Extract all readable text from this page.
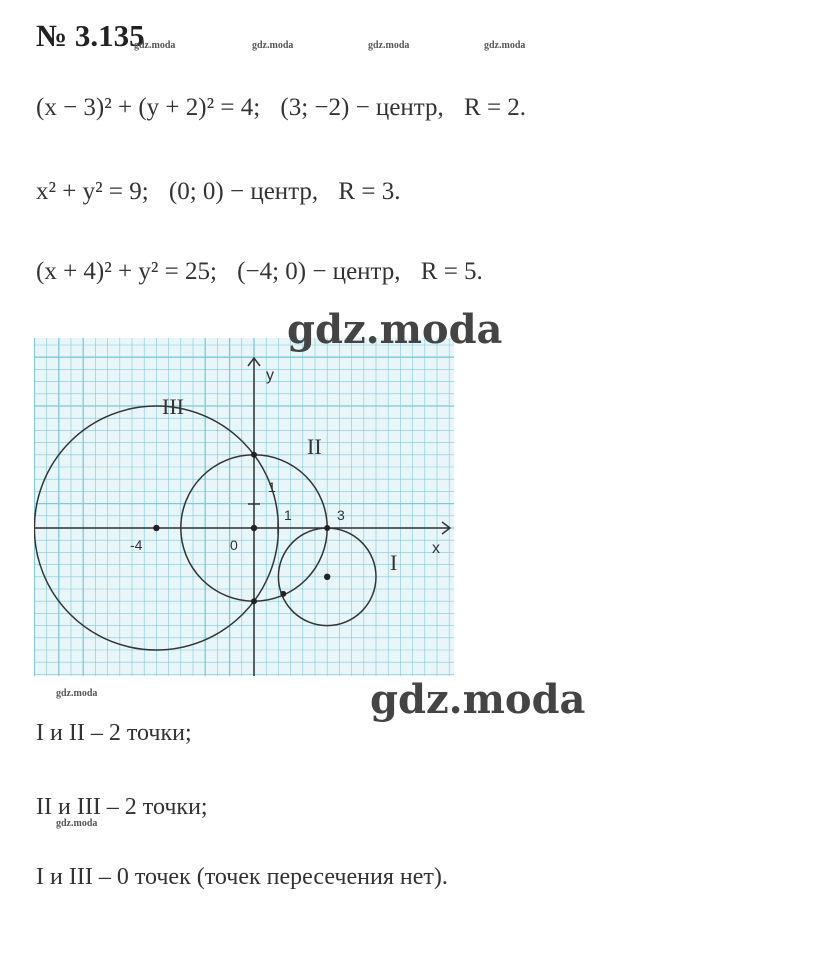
№ 3.135
gdz.moda	gdz.moda	gdz.moda	gdz.moda
(x − 3)² + (y + 2)² = 4; (3; −2) − центр, R = 2.
x² + y² = 9; (0; 0) − центр, R = 3.
(x + 4)² + y² = 25; (−4; 0) − центр, R = 5.
y
x
1
1
0
-4
3
I
II
III
gdz.moda
gdz.moda
gdz.moda
I и II – 2 точки;
II и III – 2 точки;
gdz.moda
I и III – 0 точек (точек пересечения нет).
